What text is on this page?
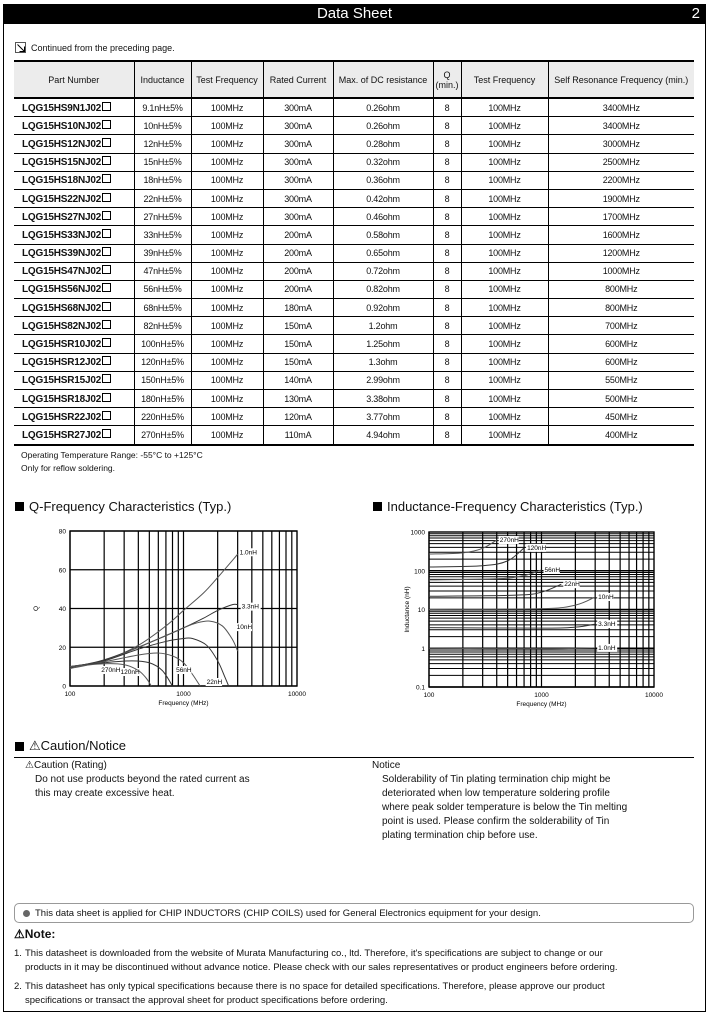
Data Sheet	2
Continued from the preceding page.
Part Number	Inductance	Test Frequency	Rated Current	Max. of DC resistance	Q (min.)	Test Frequency	Self Resonance Frequency (min.)
LQG15HS9N1J02	9.1nH±5%	100MHz	300mA	0.26ohm	8	100MHz	3400MHz
LQG15HS10NJ02	10nH±5%	100MHz	300mA	0.26ohm	8	100MHz	3400MHz
LQG15HS12NJ02	12nH±5%	100MHz	300mA	0.28ohm	8	100MHz	3000MHz
LQG15HS15NJ02	15nH±5%	100MHz	300mA	0.32ohm	8	100MHz	2500MHz
LQG15HS18NJ02	18nH±5%	100MHz	300mA	0.36ohm	8	100MHz	2200MHz
LQG15HS22NJ02	22nH±5%	100MHz	300mA	0.42ohm	8	100MHz	1900MHz
LQG15HS27NJ02	27nH±5%	100MHz	300mA	0.46ohm	8	100MHz	1700MHz
LQG15HS33NJ02	33nH±5%	100MHz	200mA	0.58ohm	8	100MHz	1600MHz
LQG15HS39NJ02	39nH±5%	100MHz	200mA	0.65ohm	8	100MHz	1200MHz
LQG15HS47NJ02	47nH±5%	100MHz	200mA	0.72ohm	8	100MHz	1000MHz
LQG15HS56NJ02	56nH±5%	100MHz	200mA	0.82ohm	8	100MHz	800MHz
LQG15HS68NJ02	68nH±5%	100MHz	180mA	0.92ohm	8	100MHz	800MHz
LQG15HS82NJ02	82nH±5%	100MHz	150mA	1.2ohm	8	100MHz	700MHz
LQG15HSR10J02	100nH±5%	100MHz	150mA	1.25ohm	8	100MHz	600MHz
LQG15HSR12J02	120nH±5%	100MHz	150mA	1.3ohm	8	100MHz	600MHz
LQG15HSR15J02	150nH±5%	100MHz	140mA	2.99ohm	8	100MHz	550MHz
LQG15HSR18J02	180nH±5%	100MHz	130mA	3.38ohm	8	100MHz	500MHz
LQG15HSR22J02	220nH±5%	100MHz	120mA	3.77ohm	8	100MHz	450MHz
LQG15HSR27J02	270nH±5%	100MHz	110mA	4.94ohm	8	100MHz	400MHz
Operating Temperature Range: -55°C to +125°C
Only for reflow soldering.
Q-Frequency Characteristics (Typ.)
0
20
40
60
80
100	1000	10000
Frequency (MHz)
Q
1.0nH
3.3nH
10nH
22nH
56nH
120nH
270nH
Inductance-Frequency Characteristics (Typ.)
0.1
1
10
100
1000
100	1000	10000
Frequency (MHz)
Inductance (nH)
270nH
120nH
56nH
22nH
10nH
3.3nH
1.0nH
⚠Caution/Notice
⚠Caution (Rating)
Do not use products beyond the rated current as
this may create excessive heat.
Notice
Solderability of Tin plating termination chip might be
deteriorated when low temperature soldering profile
where peak solder temperature is below the Tin melting
point is used. Please confirm the solderability of Tin
plating termination chip before use.
This data sheet is applied for CHIP INDUCTORS (CHIP COILS) used for General Electronics equipment for your design.
⚠Note:
1. This datasheet is downloaded from the website of Murata Manufacturing co., ltd. Therefore, it's specifications are subject to change or our
products in it may be discontinued without advance notice. Please check with our sales representatives or product engineers before ordering.
2. This datasheet has only typical specifications because there is no space for detailed specifications. Therefore, please approve our product
specifications or transact the approval sheet for product specifications before ordering.
